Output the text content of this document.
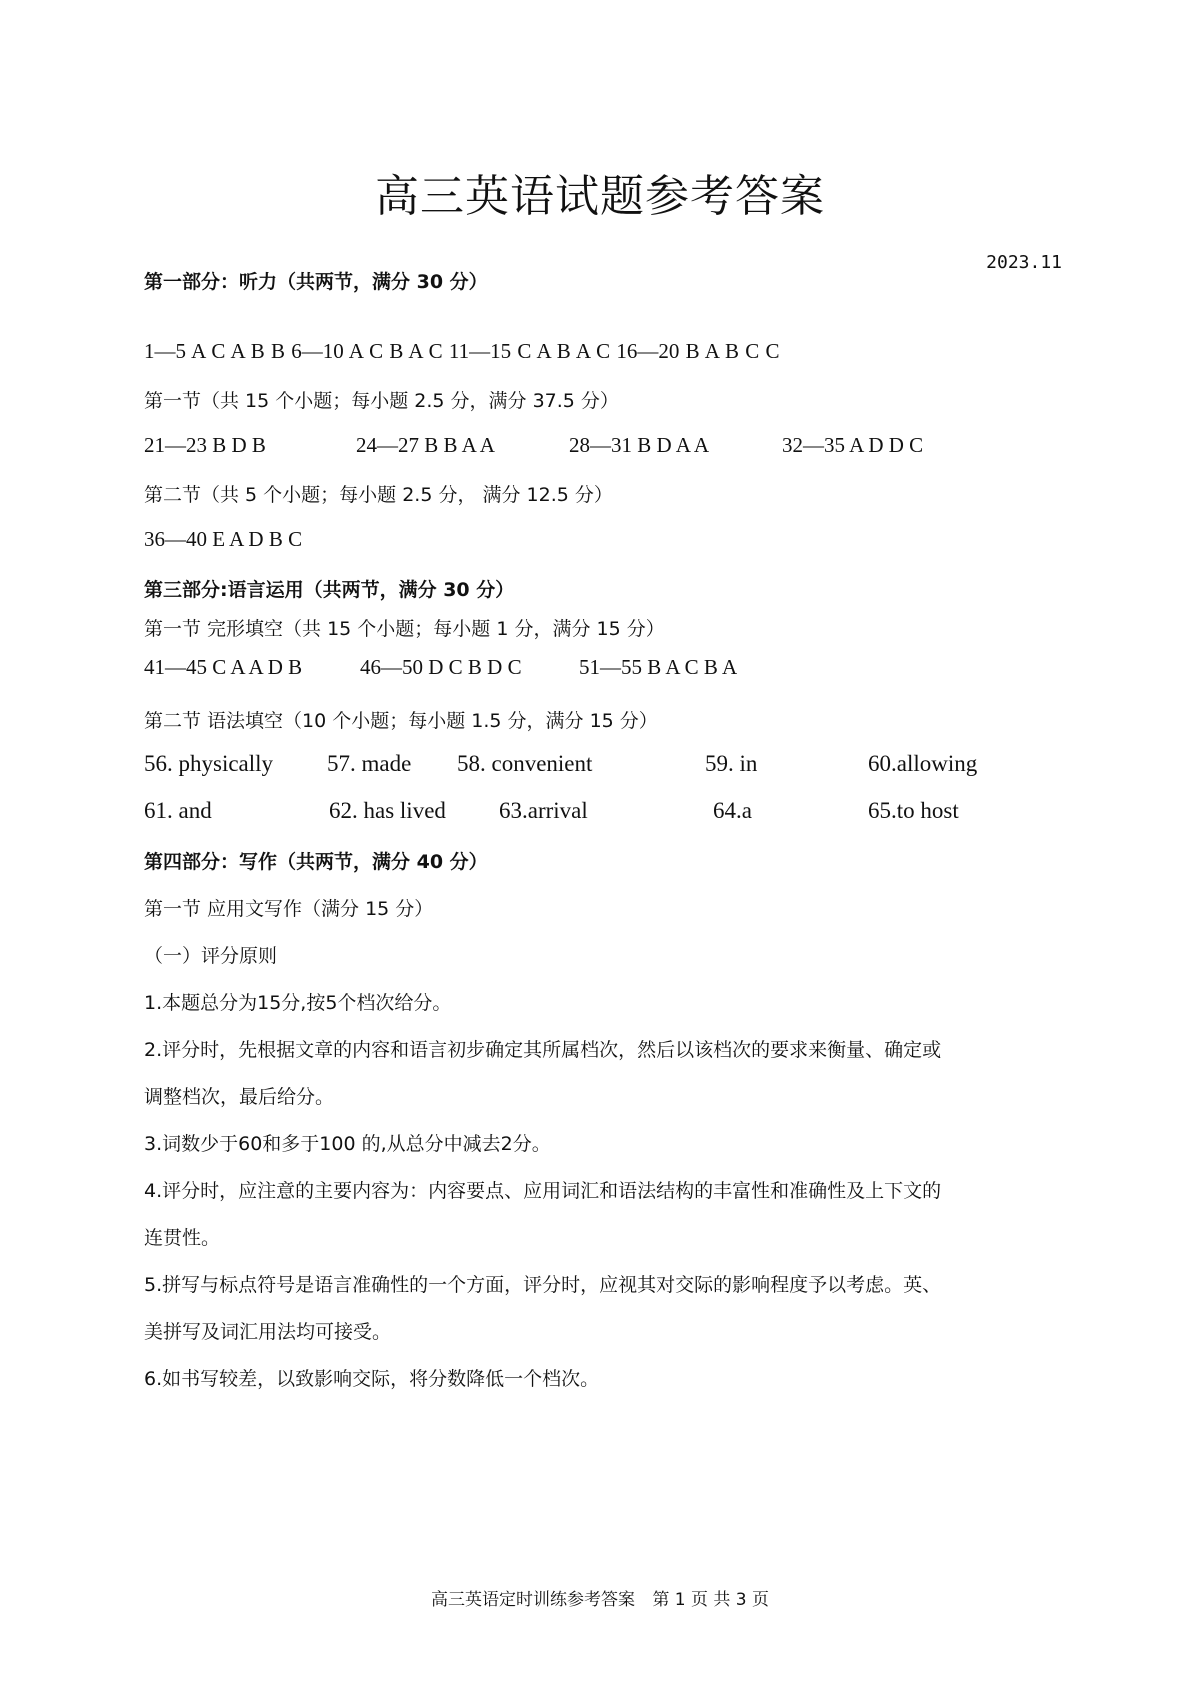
高三英语试题参考答案
2023.11
第一部分：听力（共两节，满分 30 分）
1—5 A C A B B 6—10 A C B A C 11—15 C A B A C 16—20 B A B C C
第一节（共 15 个小题；每小题 2.5 分，满分 37.5 分）
21—23 B D B	24—27 B B A A	28—31 B D A A	32—35 A D D C
第二节（共 5 个小题；每小题 2.5 分， 满分 12.5 分）
36—40 E A D B C
第三部分:语言运用（共两节，满分 30 分）
第一节 完形填空（共 15 个小题；每小题 1 分，满分 15 分）
41—45 C A A D B	46—50 D C B D C	51—55 B A C B A
第二节 语法填空（10 个小题；每小题 1.5 分，满分 15 分）
56. physically 57. made 58. convenient	59. in	60.allowing
61. and	62. has lived 63.arrival	64.a	65.to host
第四部分：写作（共两节，满分 40 分）
第一节 应用文写作（满分 15 分）
（一）评分原则
1.本题总分为15分,按5个档次给分。
2.评分时，先根据文章的内容和语言初步确定其所属档次，然后以该档次的要求来衡量、确定或
调整档次，最后给分。
3.词数少于60和多于100 的,从总分中减去2分。
4.评分时，应注意的主要内容为：内容要点、应用词汇和语法结构的丰富性和准确性及上下文的
连贯性。
5.拼写与标点符号是语言准确性的一个方面，评分时，应视其对交际的影响程度予以考虑。英、
美拼写及词汇用法均可接受。
6.如书写较差，以致影响交际，将分数降低一个档次。
高三英语定时训练参考答案 第 1 页 共 3 页
